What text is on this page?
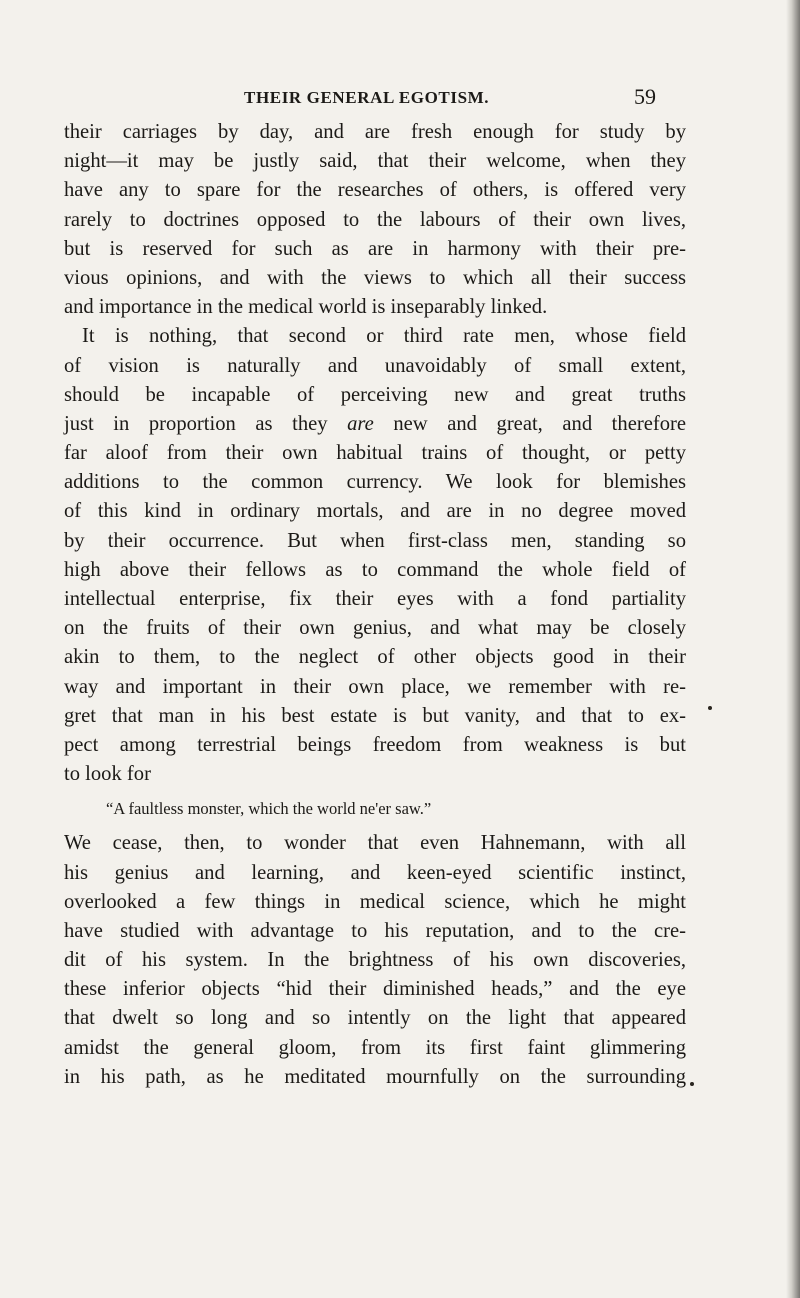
THEIR GENERAL EGOTISM.	59
their carriages by day, and are fresh enough for study by
night—it may be justly said, that their welcome, when they
have any to spare for the researches of others, is offered very
rarely to doctrines opposed to the labours of their own lives,
but is reserved for such as are in harmony with their pre-
vious opinions, and with the views to which all their success
and importance in the medical world is inseparably linked.
It is nothing, that second or third rate men, whose field
of vision is naturally and unavoidably of small extent,
should be incapable of perceiving new and great truths
just in proportion as they are new and great, and therefore
far aloof from their own habitual trains of thought, or petty
additions to the common currency. We look for blemishes
of this kind in ordinary mortals, and are in no degree moved
by their occurrence. But when first-class men, standing so
high above their fellows as to command the whole field of
intellectual enterprise, fix their eyes with a fond partiality
on the fruits of their own genius, and what may be closely
akin to them, to the neglect of other objects good in their
way and important in their own place, we remember with re-
gret that man in his best estate is but vanity, and that to ex-
pect among terrestrial beings freedom from weakness is but
to look for
“A faultless monster, which the world ne'er saw.”
We cease, then, to wonder that even Hahnemann, with all
his genius and learning, and keen-eyed scientific instinct,
overlooked a few things in medical science, which he might
have studied with advantage to his reputation, and to the cre-
dit of his system. In the brightness of his own discoveries,
these inferior objects “hid their diminished heads,” and the eye
that dwelt so long and so intently on the light that appeared
amidst the general gloom, from its first faint glimmering
in his path, as he meditated mournfully on the surrounding
